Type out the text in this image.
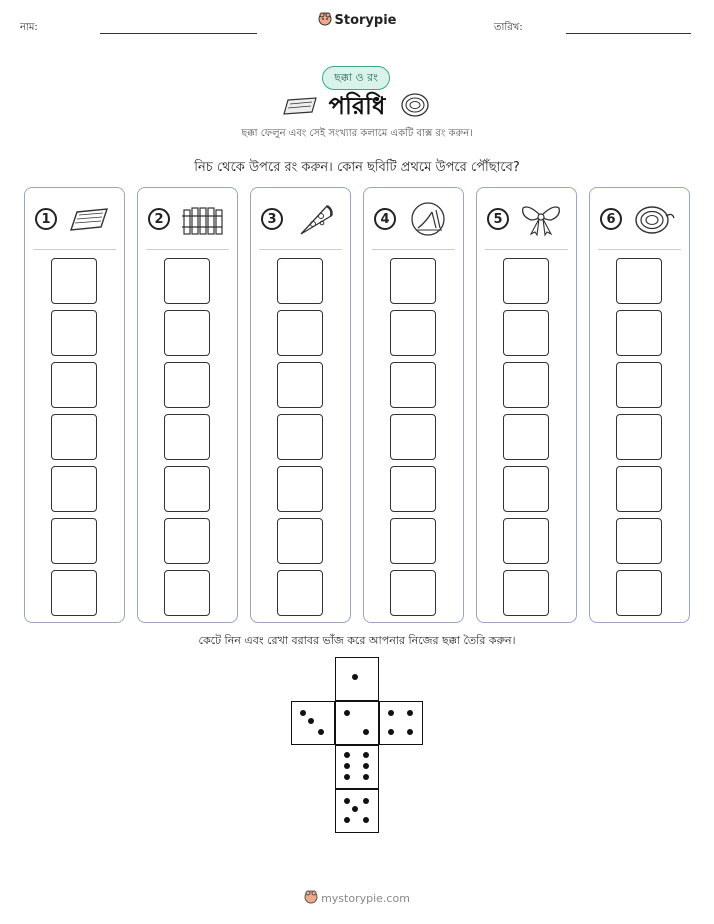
নাম:	তারিখ:
Storypie
ছক্কা ও রং
পরিধি
ছক্কা ফেলুন এবং সেই সংখ্যার কলামে একটি বাক্স রং করুন।
নিচ থেকে উপরে রং করুন। কোন ছবিটি প্রথমে উপরে পৌঁছাবে?
1	2	3	4	5	6
কেটে নিন এবং রেখা বরাবর ভাঁজ করে আপনার নিজের ছক্কা তৈরি করুন।
mystorypie.com
